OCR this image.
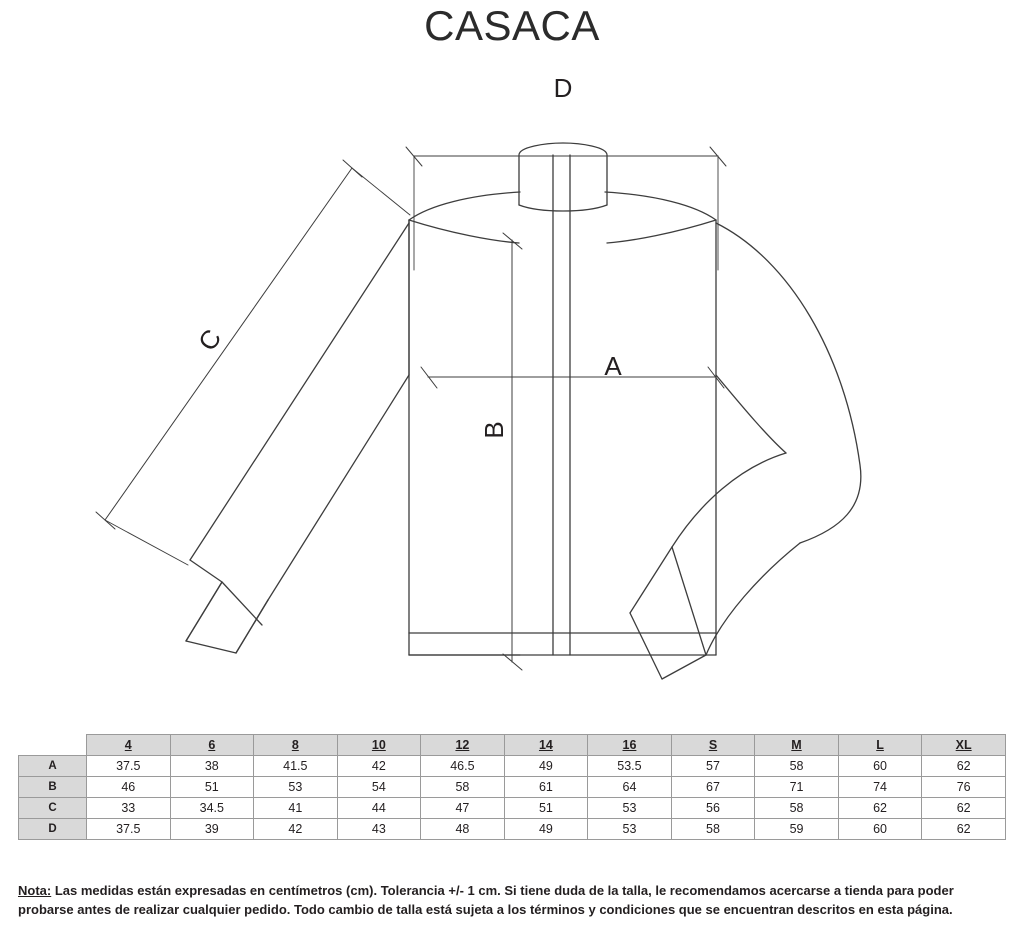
CASACA
D
A
B
C
	4	6	8	10	12	14	16	S	M	L	XL
A	37.5	38	41.5	42	46.5	49	53.5	57	58	60	62
B	46	51	53	54	58	61	64	67	71	74	76
C	33	34.5	41	44	47	51	53	56	58	62	62
D	37.5	39	42	43	48	49	53	58	59	60	62
Nota: Las medidas están expresadas en centímetros (cm). Tolerancia +/- 1 cm. Si tiene duda de la talla, le recomendamos acercarse a tienda para poder probarse antes de realizar cualquier pedido. Todo cambio de talla está sujeta a los términos y condiciones que se encuentran descritos en esta página.
